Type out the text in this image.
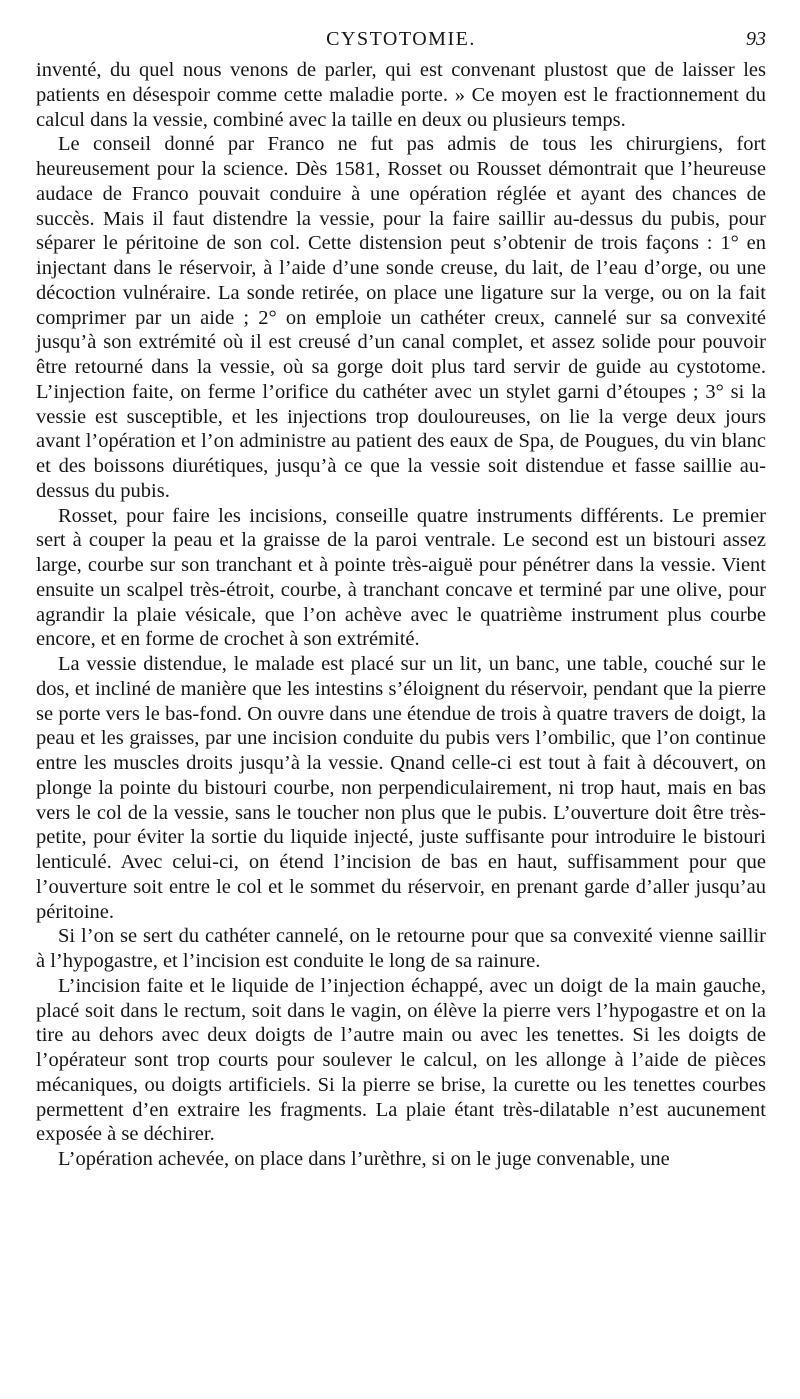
CYSTOTOMIE.	93

inventé, du quel nous venons de parler, qui est convenant plustost que de laisser les patients en désespoir comme cette maladie porte. » Ce moyen est le fractionnement du calcul dans la vessie, combiné avec la taille en deux ou plusieurs temps.

Le conseil donné par Franco ne fut pas admis de tous les chirurgiens, fort heureusement pour la science. Dès 1581, Rosset ou Rousset démontrait que l’heureuse audace de Franco pouvait conduire à une opération réglée et ayant des chances de succès. Mais il faut distendre la vessie, pour la faire saillir au-dessus du pubis, pour séparer le péritoine de son col. Cette distension peut s’obtenir de trois façons : 1° en injectant dans le réservoir, à l’aide d’une sonde creuse, du lait, de l’eau d’orge, ou une décoction vulnéraire. La sonde retirée, on place une ligature sur la verge, ou on la fait comprimer par un aide ; 2° on emploie un cathéter creux, cannelé sur sa convexité jusqu’à son extrémité où il est creusé d’un canal complet, et assez solide pour pouvoir être retourné dans la vessie, où sa gorge doit plus tard servir de guide au cystotome. L’injection faite, on ferme l’orifice du cathéter avec un stylet garni d’étoupes ; 3° si la vessie est susceptible, et les injections trop douloureuses, on lie la verge deux jours avant l’opération et l’on administre au patient des eaux de Spa, de Pougues, du vin blanc et des boissons diurétiques, jusqu’à ce que la vessie soit distendue et fasse saillie au-dessus du pubis.

Rosset, pour faire les incisions, conseille quatre instruments différents. Le premier sert à couper la peau et la graisse de la paroi ventrale. Le second est un bistouri assez large, courbe sur son tranchant et à pointe très-aiguë pour pénétrer dans la vessie. Vient ensuite un scalpel très-étroit, courbe, à tranchant concave et terminé par une olive, pour agrandir la plaie vésicale, que l’on achève avec le quatrième instrument plus courbe encore, et en forme de crochet à son extrémité.

La vessie distendue, le malade est placé sur un lit, un banc, une table, couché sur le dos, et incliné de manière que les intestins s’éloignent du réservoir, pendant que la pierre se porte vers le bas-fond. On ouvre dans une étendue de trois à quatre travers de doigt, la peau et les graisses, par une incision conduite du pubis vers l’ombilic, que l’on continue entre les muscles droits jusqu’à la vessie. Qnand celle-ci est tout à fait à découvert, on plonge la pointe du bistouri courbe, non perpendiculairement, ni trop haut, mais en bas vers le col de la vessie, sans le toucher non plus que le pubis. L’ouverture doit être très-petite, pour éviter la sortie du liquide injecté, juste suffisante pour introduire le bistouri lenticulé. Avec celui-ci, on étend l’incision de bas en haut, suffisamment pour que l’ouverture soit entre le col et le sommet du réservoir, en prenant garde d’aller jusqu’au péritoine.

Si l’on se sert du cathéter cannelé, on le retourne pour que sa convexité vienne saillir à l’hypogastre, et l’incision est conduite le long de sa rainure.

L’incision faite et le liquide de l’injection échappé, avec un doigt de la main gauche, placé soit dans le rectum, soit dans le vagin, on élève la pierre vers l’hypogastre et on la tire au dehors avec deux doigts de l’autre main ou avec les tenettes. Si les doigts de l’opérateur sont trop courts pour soulever le calcul, on les allonge à l’aide de pièces mécaniques, ou doigts artificiels. Si la pierre se brise, la curette ou les tenettes courbes permettent d’en extraire les fragments. La plaie étant très-dilatable n’est aucunement exposée à se déchirer.

L’opération achevée, on place dans l’urèthre, si on le juge convenable, une
